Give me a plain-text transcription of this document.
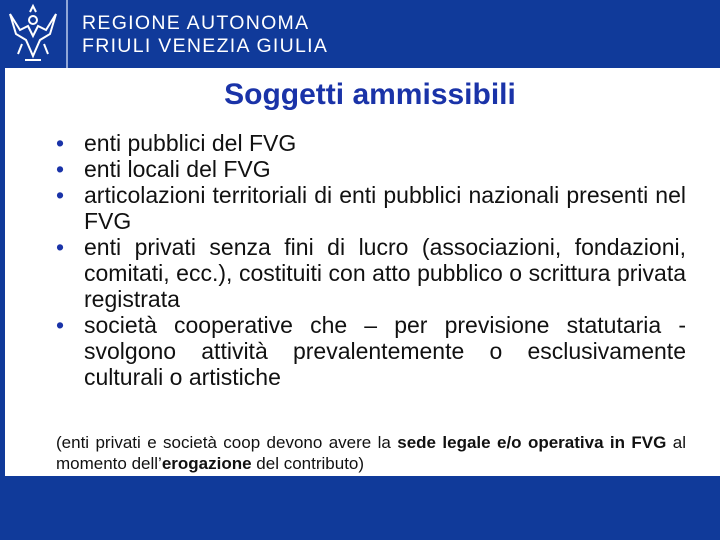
REGIONE AUTONOMA
FRIULI VENEZIA GIULIA
Soggetti ammissibili
• enti pubblici del FVG
• enti locali del FVG
• articolazioni territoriali di enti pubblici nazionali presenti nel FVG
• enti privati senza fini di lucro (associazioni, fondazioni, comitati, ecc.), costituiti con atto pubblico o scrittura privata registrata
• società cooperative che – per previsione statutaria - svolgono attività prevalentemente o esclusivamente culturali o artistiche
(enti privati e società coop devono avere la sede legale e/o operativa in FVG al momento dell’erogazione del contributo)
